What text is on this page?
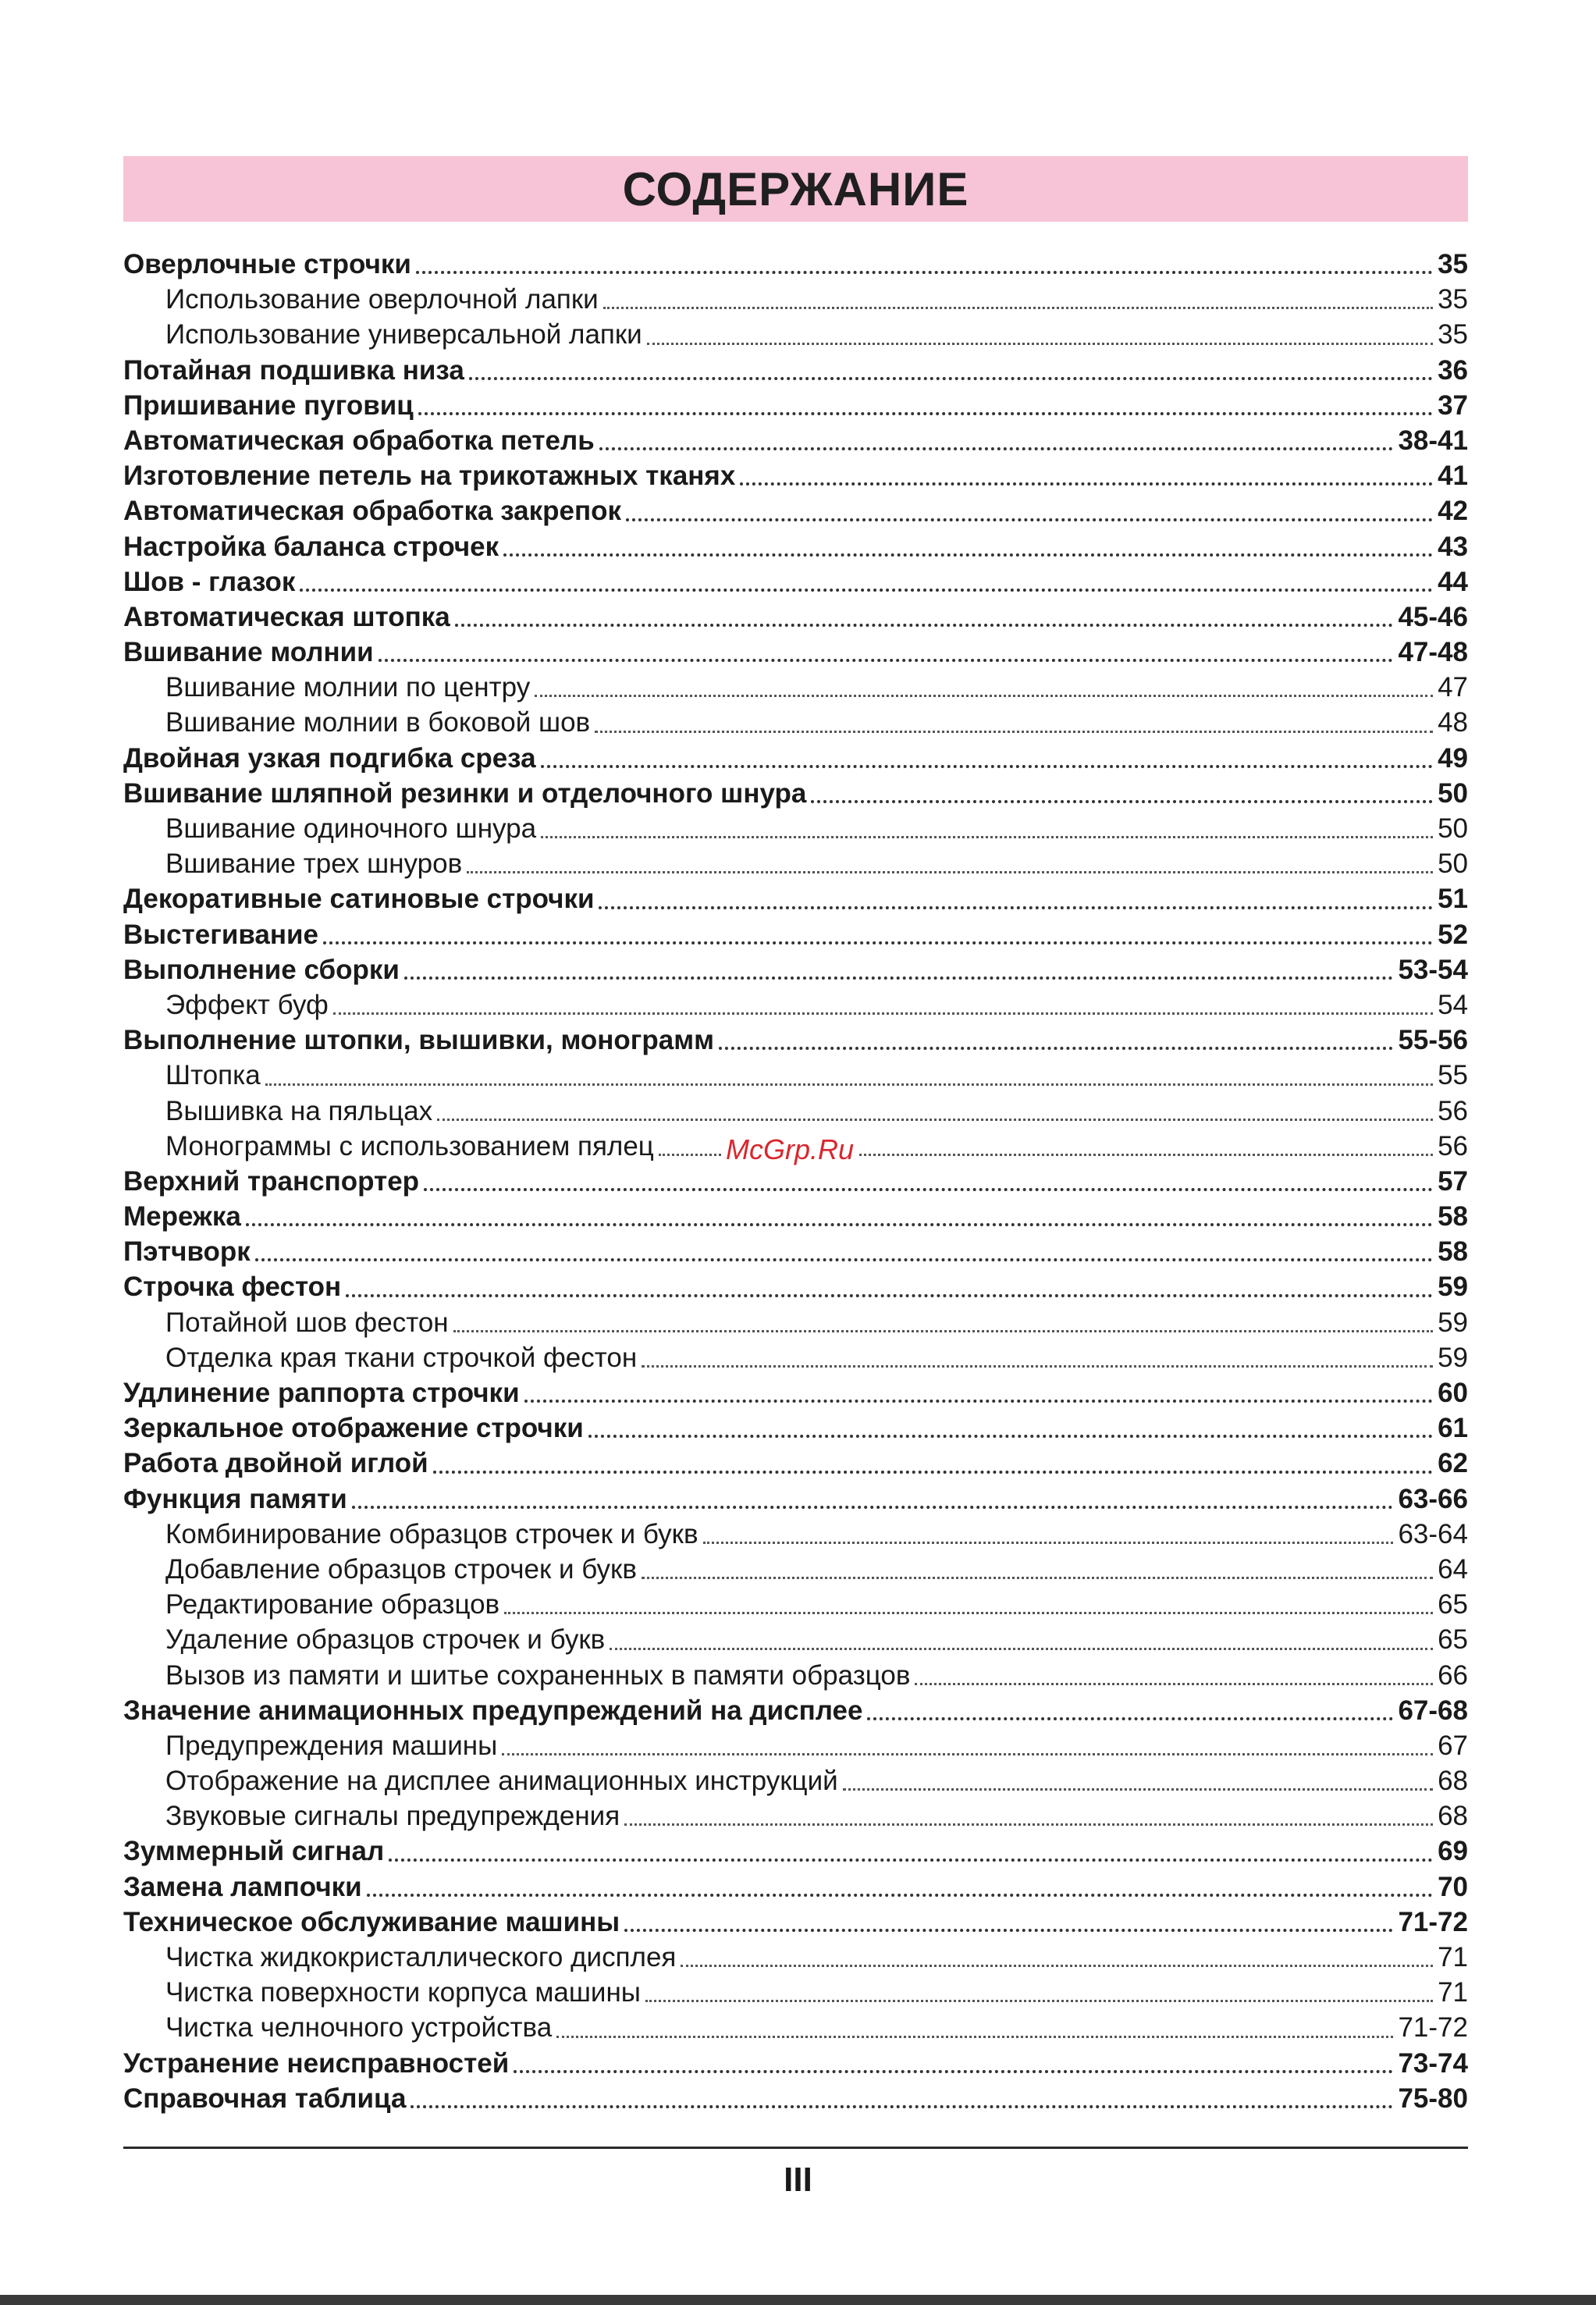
СОДЕРЖАНИЕ
Оверлочные строчки	35
Использование оверлочной лапки	35
Использование универсальной лапки	35
Потайная подшивка низа	36
Пришивание пуговиц	37
Автоматическая обработка петель	38-41
Изготовление петель на трикотажных тканях	41
Автоматическая обработка закрепок	42
Настройка баланса строчек	43
Шов - глазок	44
Автоматическая штопка	45-46
Вшивание молнии	47-48
Вшивание молнии по центру	47
Вшивание молнии в боковой шов	48
Двойная узкая подгибка среза	49
Вшивание шляпной резинки и отделочного шнура	50
Вшивание одиночного шнура	50
Вшивание трех шнуров	50
Декоративные сатиновые строчки	51
Выстегивание	52
Выполнение сборки	53-54
Эффект буф	54
Выполнение штопки, вышивки, монограмм	55-56
Штопка	55
Вышивка на пяльцах	56
Монограммы с использованием пялец	56
Верхний транспортер	57
Мережка	58
Пэтчворк	58
Строчка фестон	59
Потайной шов фестон	59
Отделка края ткани строчкой фестон	59
Удлинение раппорта строчки	60
Зеркальное отображение строчки	61
Работа двойной иглой	62
Функция памяти	63-66
Комбинирование образцов строчек и букв	63-64
Добавление образцов строчек и букв	64
Редактирование образцов	65
Удаление образцов строчек и букв	65
Вызов из памяти и шитье сохраненных в памяти образцов	66
Значение анимационных предупреждений на дисплее	67-68
Предупреждения машины	67
Отображение на дисплее анимационных инструкций	68
Звуковые сигналы предупреждения	68
Зуммерный сигнал	69
Замена лампочки	70
Техническое обслуживание машины	71-72
Чистка жидкокристаллического дисплея	71
Чистка поверхности корпуса машины	71
Чистка челночного устройства	71-72
Устранение неисправностей	73-74
Справочная таблица	75-80
McGrp.Ru
III
